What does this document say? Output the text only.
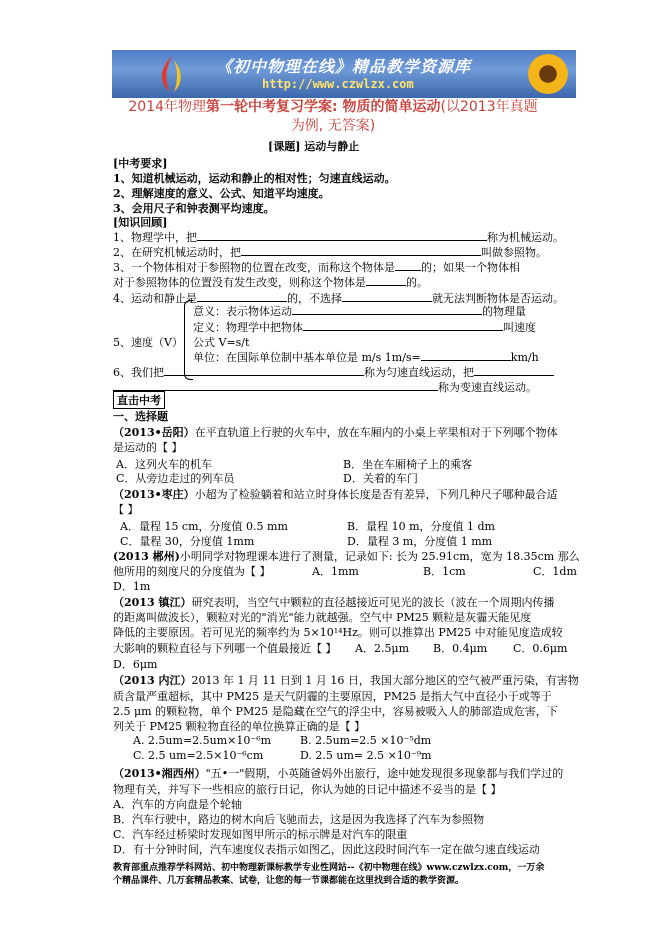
《初中物理在线》精品教学资源库
http://www.czwlzx.com
2014年物理第一轮中考复习学案: 物质的简单运动(以2013年真题
为例, 无答案)
[课题] 运动与静止
[中考要求]
1、知道机械运动，运动和静止的相对性；匀速直线运动。
2、理解速度的意义、公式、知道平均速度。
3、会用尺子和钟表测平均速度。
[知识回顾]
1、物理学中，把	称为机械运动。
2、在研究机械运动时，把	叫做参照物。
3、一个物体相对于参照物的位置在改变，而称这个物体是 的；如果一个物体相
对于参照物体的位置没有发生改变，则称这个物体是	的。
4、运动和静止是	的，不选择	就无法判断物体是否运动。
5、速度（V）
意义：表示物体运动	的物理量
定义：物理学中把物体	叫速度
公式 V=s/t
单位：在国际单位制中基本单位是 m/s 1m/s=	km/h
6、我们把	称为匀速直线运动，把
称为变速直线运动。
直击中考
一、选择题
（2013•岳阳）在平直轨道上行驶的火车中，放在车厢内的小桌上苹果相对于下列哪个物体
是运动的【 】
A．这列火车的机车	B．坐在车厢椅子上的乘客
C．从旁边走过的列车员	D．关着的车门
（2013•枣庄）小超为了检验躺着和站立时身体长度是否有差异，下列几种尺子哪种最合适
【 】
A．量程 15 cm，分度值 0.5 mm	B．量程 10 m，分度值 1 dm
C．量程 30，分度值 1mm	D．量程 3 m，分度值 1 mm
(2013 郴州)小明同学对物理课本进行了测量，记录如下: 长为 25.91cm，宽为 18.35cm 那么
他所用的刻度尺的分度值为【 】	A．1mm	B．1cm	C．1dm
D．1m
（2013 镇江）研究表明，当空气中颗粒的直径越接近可见光的波长（波在一个周期内传播
的距离叫做波长），颗粒对光的"消光"能力就越强。空气中 PM25 颗粒是灰霾天能见度
降低的主要原因。若可见光的频率约为 5×10¹⁴Hz。则可以推算出 PM25 中对能见度造成较
大影响的颗粒直径与下列哪一个值最接近【 】 A．2.5μm B．0.4μm C．0.6μm
D．6μm
（2013 内江）2013 年 1 月 11 日到 1 月 16 日，我国大部分地区的空气被严重污染，有害物
质含量严重超标，其中 PM25 是天气阴霾的主要原因，PM25 是指大气中直径小于或等于
2.5 μm 的颗粒物，单个 PM25 是隐藏在空气的浮尘中，容易被吸入人的肺部造成危害，下
列关于 PM25 颗粒物直径的单位换算正确的是【 】
A. 2.5um=2.5um×10⁻⁶m	B. 2.5um=2.5 ×10⁻⁵dm
C. 2.5 um=2.5×10⁻⁶cm	D. 2.5 um= 2.5 ×10⁻⁹m
（2013•湘西州）"五•一"假期，小英随爸妈外出旅行，途中她发现很多现象都与我们学过的
物理有关，并写下一些相应的旅行日记，你认为她的日记中描述不妥当的是【 】
A．汽车的方向盘是个轮轴
B．汽车行驶中，路边的树木向后飞驰而去，这是因为我选择了汽车为参照物
C．汽车经过桥梁时发现如图甲所示的标示牌是对汽车的限重
D．有十分钟时间，汽车速度仪表指示如图乙，因此这段时间汽车一定在做匀速直线运动
教育部重点推荐学科网站、初中物理新课标教学专业性网站--《初中物理在线》www.czwlzx.com，一万余
个精品课件、几万套精品教案、试卷，让您的每一节课都能在这里找到合适的教学资源。
